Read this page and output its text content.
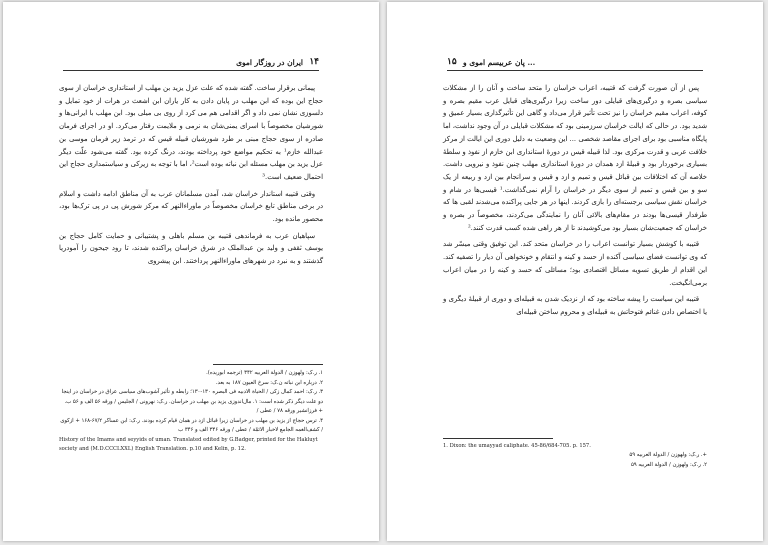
۱۴
ایران در روزگار اموی

پیمانی برقرار ساخت. گفته شده که علت عزل یزید بن مهلب از استانداری خراسان از سوی حجاج این بوده که ابن مهلب در پایان دادن به کار یاران ابن اشعث در هرات از خود تمایل و دلسوزی نشان نمی داد و اگر اقدامی هم می کرد از روی بی میلی بود. ابن مهلب با ایرانی‌ها و شورشیان مخصوصاً با اسرای یمنی‌شان به نرمی و ملایمت رفتار می‌کرد. او در اجرای فرمان صادره از سوی حجاج مبنی بر طرد شورشیان قبیله قیس که در ترمذ زیر فرمان موسی بن عبدالله خازم¹ به تحکیم مواضع خود پرداخته بودند، درنگ کرده بود. گفته می‌شود علّت دیگر عزل یزید بن مهلب مسئله ابن نباته بوده است²، اما با توجه به زیرکی و سیاستمداری حجاج این احتمال ضعیف است.³

وقتی قتیبه استاندار خراسان شد، آمدن مسلمانان عرب به آن مناطق ادامه داشت و اسلام در برخی مناطق تابع خراسان مخصوصاً در ماوراءالنهر که مرکز شورش پی در پی ترک‌ها بود، محصور مانده بود.

سپاهیان عرب به فرماندهی قتیبه بن مسلم باهلی و پشتیبانی و حمایت کامل حجاج بن یوسف ثقفی و ولید بن عبدالملک در شرق خراسان پراکنده شدند، تا رود جیحون را آمودریا گذشتند و به نبرد در شهرهای ماوراءالنهر پرداختند. ابن پیشروی

۱. ر.ک: ولهوزن / الدولة العربیه ۳۴۲ (ترجمه ابوریده).
۲. درباره ابن نباته ن.ک: سرخ العیون ۱۸۷ به بعد.
۳. ر.ک: احمد کمال زکی / الحیاة الادبیه فی البصره ۱۳۰-۱۳۰؛ رابطه و تأثیر آشوب‌های سیاسی عراق در خراسان در اینجا دو علت دیگر ذکر شده است: ۱. مال‌اندوزی یزید بن مهلب در خراسان. ر.ک: نهرونی / الجلیس / ورقه ۵۶ الف و ۵۶ ب. + فرزانشیر ورقه ۷۸ / عطی /
۴. ترس حجاج از یزید بن مهلب در خراسان زیرا قبائل ازد در همان قیام کرده بودند. ر.ک: ابن عساکر ۶۷/۲-۱۶۸ + ازکوی / کشف‌الغمه الجامع لاخبار الائمّة / عطی / ورقه ۳۴۶ الف و ۳۴۶ ب
History of the Imams and seyyids of uman. Translated edited by G.Badger, printed for the Hakluyt society and (M.D.CCCLXXL) English Translation. p.10 and Kelin, p. 12.
۱۵ پان عربیسم اموی و ...

پس از آن صورت گرفت که قتیبه، اعراب خراسان را متحد ساخت و آنان را از مشکلات سیاسی بصره و درگیری‌های قبایلی دور ساخت زیرا درگیری‌های قبایل عرب مقیم بصره و کوفه، اعراب مقیم خراسان را نیز تحت تأثیر قرار می‌داد و گاهی این تأثیرگذاری بسیار عمیق و شدید بود. در حالی که ایالت خراسان سرزمینی بود که مشکلات قبایلی در آن وجود نداشت، اما پایگاه مناسبی بود برای اجرای مقاصد شخصی ... این وضعیت به دلیل دوری این ایالت از مرکز خلافت عربی و قدرت مرکزی بود. لذا قبیله قیس در دورهٔ استانداری ابن خازم از نفوذ و سلطهٔ بسیاری برخوردار بود و قبیلهٔ ازد همدان در دورهٔ استانداری مهلب چنین نفوذ و نیرویی داشت. خلاصه آن که اختلافات بین قبائل قیس و تمیم و ازد و قیس و سرانجام بین ازد و ربیعه از یک سو و بین قیس و تمیم از سوی دیگر در خراسان را آرام نمی‌گذاشت.¹ قیسی‌ها در شام و خراسان نقش سیاسی برجسته‌ای را بازی کردند. اینها در هر جایی پراکنده می‌شدند لقبی ها که طرفدار قیسی‌ها بودند در مقام‌های بالائی آنان را نمایندگی می‌کردند، مخصوصاً در بصره و خراسان که جمعیت‌شان بسیار بود می‌کوشیدند تا از هر راهی شده کسب قدرت کنند.²

قتیبه با کوشش بسیار توانست اعراب را در خراسان متحد کند. این توفیق وقتی میسّر شد که وی توانست فضای سیاسی آکنده از حسد و کینه و انتقام و خونخواهی آن دیار را تصفیه کند. این اقدام از طریق تسویه مسائل اقتصادی بود؛ مسائلی که حسد و کینه را در میان اعراب برمی‌انگیخت.

قتیبه این سیاست را پیشه ساخته بود که از نزدیک شدن به قبیله‌ای و دوری از قبیلهٔ دیگری و یا اختصاص دادن غنائم فتوحاتش به قبیله‌ای و محروم ساختن قبیله‌ای

1. Dixon: the umayyad caliphate. 45-86/684-705. p. 157.
+. ر.ک: ولهوزن / الدولة العربیه ۵۹
۲. ر.ک: ولهوزن / الدولة العربیه ۵۹
